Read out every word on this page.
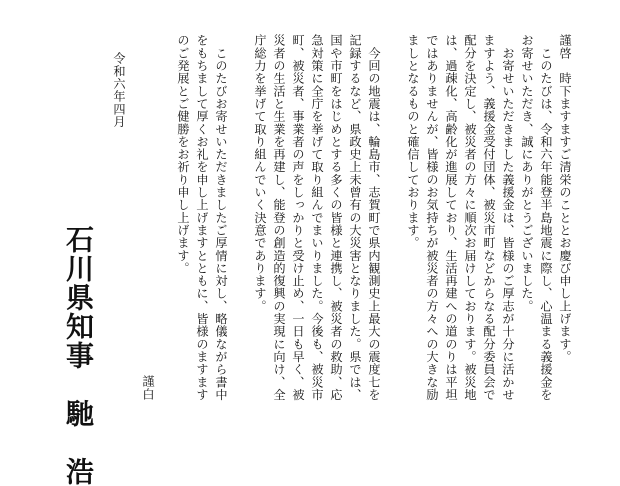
謹啓　時下ますますご清栄のこととお慶び申し上げます。
　このたびは、令和六年能登半島地震に際し、心温まる義援金を
お寄せいただき、誠にありがとうございました。
　お寄せいただきました義援金は、皆様のご厚志が十分に活かせ
ますよう、義援金受付団体、被災市町などからなる配分委員会で
配分を決定し、被災者の方々に順次お届けしております。被災地
は、過疎化、高齢化が進展しており、生活再建への道のりは平坦
ではありませんが、皆様のお気持ちが被災者の方々への大きな励
ましとなるものと確信しております。
　今回の地震は、輪島市、志賀町で県内観測史上最大の震度七を
記録するなど、県政史上未曾有の大災害となりました。県では、
国や市町をはじめとする多くの皆様と連携し、被災者の救助、応
急対策に全庁を挙げて取り組んでまいりました。今後も、被災市
町、被災者、事業者の声をしっかりと受け止め、一日も早く、被
災者の生活と生業を再建し、能登の創造的復興の実現に向け、全
庁総力を挙げて取り組んでいく決意であります。
　このたびお寄せいただきましたご厚情に対し、略儀ながら書中
をもちまして厚くお礼を申し上げますとともに、皆様のますます
のご発展とご健勝をお祈り申し上げます。
謹白
令和六年四月
石川県知事　馳　浩
